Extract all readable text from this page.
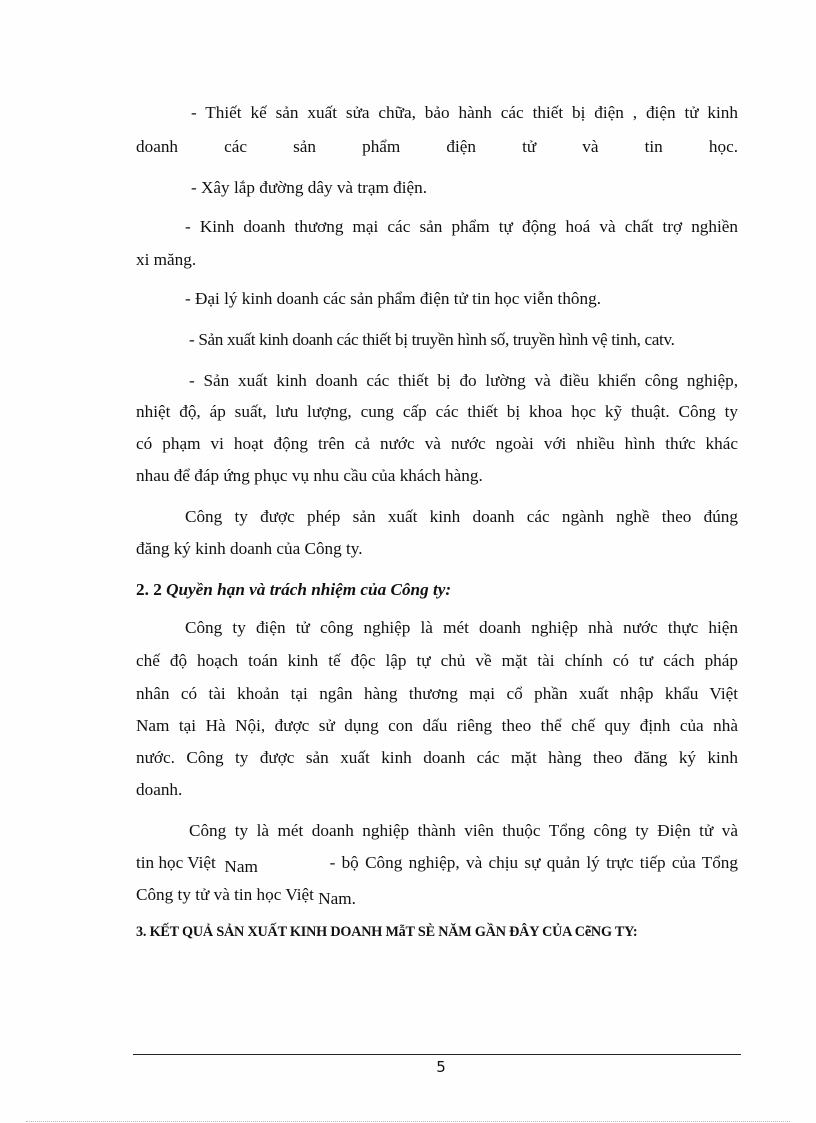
- Thiết kế sản xuất sửa chữa, bảo hành các thiết bị điện , điện tử kinh
doanh các sản phẩm điện tử và tin học.
- Xây lắp đường dây và trạm điện.
- Kinh doanh thương mại các sản phẩm tự động hoá và chất trợ nghiền
xi măng.
- Đại lý kinh doanh các sản phẩm điện tử tin học viễn thông.
- Sản xuất kinh doanh các thiết bị truyền hình số, truyền hình vệ tinh, catv.
- Sản xuất kinh doanh các thiết bị đo lường và điều khiển công nghiệp,
nhiệt độ, áp suất, lưu lượng, cung cấp các thiết bị khoa học kỹ thuật. Công ty
có phạm vi hoạt động trên cả nước và nước ngoài với nhiều hình thức khác
nhau để đáp ứng phục vụ nhu cầu của khách hàng.
Công ty được phép sản xuất kinh doanh các ngành nghề theo đúng
đăng ký kinh doanh của Công ty.
2. 2 Quyền hạn và trách nhiệm của Công ty:
Công ty điện tử công nghiệp là mét doanh nghiệp nhà nước thực hiện
chế độ hoạch toán kinh tế độc lập tự chủ về mặt tài chính có tư cách pháp
nhân có tài khoản tại ngân hàng thương mại cổ phần xuất nhập khẩu Việt
Nam tại Hà Nội, được sử dụng con dấu riêng theo thể chế quy định của nhà
nước. Công ty được sản xuất kinh doanh các mặt hàng theo đăng ký kinh
doanh.
Công ty là mét doanh nghiệp thành viên thuộc Tổng công ty Điện tử và
tin học Việt Nam	- bộ Công nghiệp, và chịu sự quản lý trực tiếp của Tổng
Công ty tử và tin học Việt Nam.
3. KẾT QUẢ SẢN XUẤT KINH DOANH MẫT SÈ NĂM GẦN ĐÂY CỦA CẽNG TY:
5
